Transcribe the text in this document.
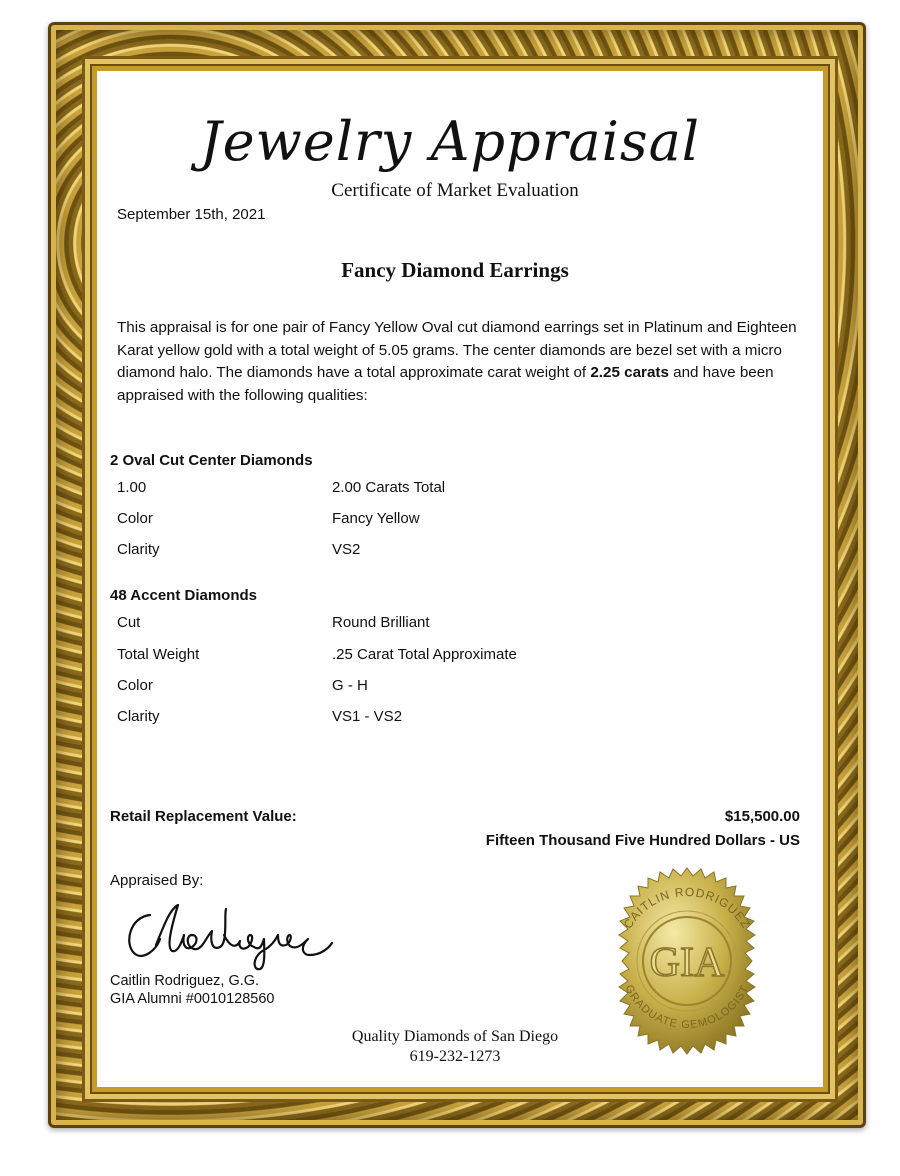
Jewelry Appraisal
Certificate of Market Evaluation
September 15th, 2021
Fancy Diamond Earrings
This appraisal is for one pair of Fancy Yellow Oval cut diamond earrings set in Platinum and Eighteen Karat yellow gold with a total weight of 5.05 grams. The center diamonds are bezel set with a micro diamond halo. The diamonds have a total approximate carat weight of 2.25 carats and have been appraised with the following qualities:
2 Oval Cut Center Diamonds
1.00	2.00 Carats Total
Color	Fancy Yellow
Clarity	VS2
48 Accent Diamonds
Cut	Round Brilliant
Total Weight	.25 Carat Total Approximate
Color	G - H
Clarity	VS1 - VS2
Retail Replacement Value:	$15,500.00
Fifteen Thousand Five Hundred Dollars - US
Appraised By:
Caitlin Rodriguez, G.G.
GIA Alumni #0010128560
Quality Diamonds of San Diego
619-232-1273
CAITLIN RODRIGUEZ
GRADUATE GEMOLOGIST
GIA
